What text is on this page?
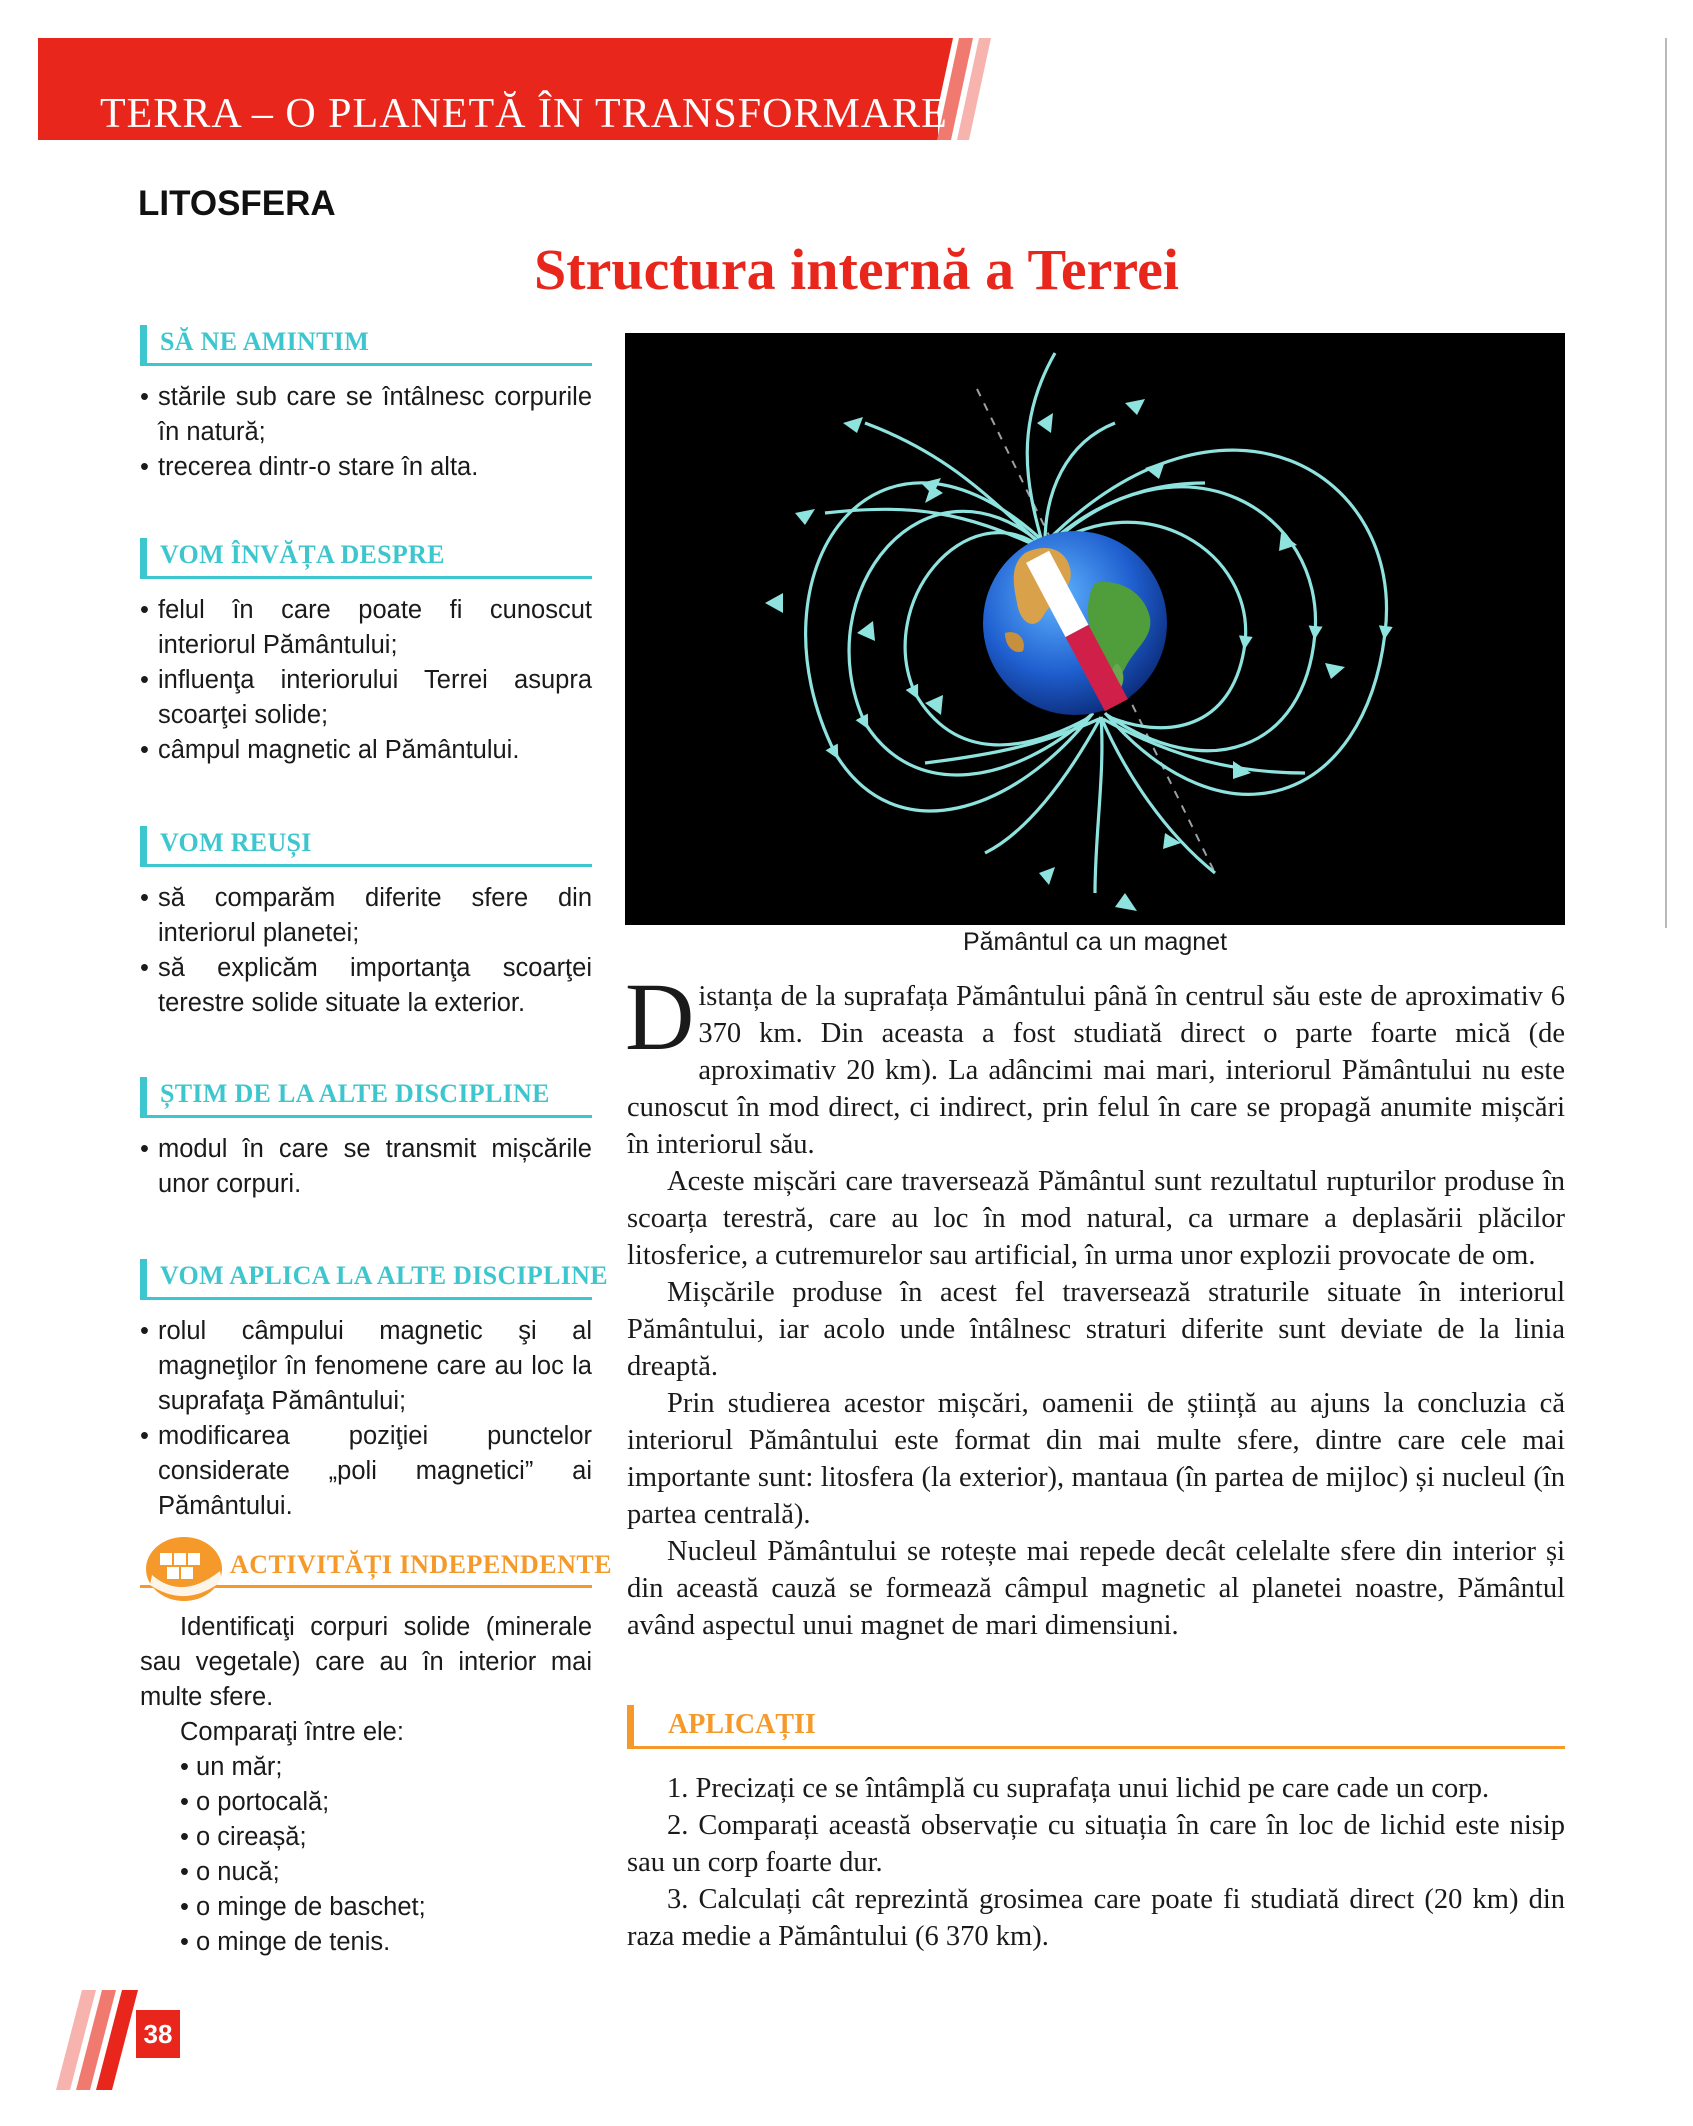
TERRA – O PLANETĂ ÎN TRANSFORMARE
LITOSFERA
Structura internă a Terrei
SĂ NE AMINTIM
• stările sub care se întâlnesc corpurile în natură;
• trecerea dintr-o stare în alta.
VOM ÎNVĂȚA DESPRE
• felul în care poate fi cunoscut interiorul Pământului;
• influenţa interiorului Terrei asupra scoarţei solide;
• câmpul magnetic al Pământului.
VOM REUȘI
• să comparăm diferite sfere din interiorul planetei;
• să explicăm importanţa scoarţei terestre solide situate la exterior.
ȘTIM DE LA ALTE DISCIPLINE
• modul în care se transmit mișcările unor corpuri.
VOM APLICA LA ALTE DISCIPLINE
• rolul câmpului magnetic şi al magneţilor în fenomene care au loc la suprafaţa Pământului;
• modificarea poziţiei punctelor considerate „poli magnetici” ai Pământului.
ACTIVITĂȚI INDEPENDENTE
Identificaţi corpuri solide (minerale sau vegetale) care au în interior mai multe sfere.
Comparaţi între ele:
• un măr;
• o portocală;
• o cireașă;
• o nucă;
• o minge de baschet;
• o minge de tenis.
38
Pământul ca un magnet

Distanța de la suprafața Pământului până în centrul său este de aproximativ 6 370 km. Din aceasta a fost studiată direct o parte foarte mică (de aproximativ 20 km). La adâncimi mai mari, interiorul Pământului nu este cunoscut în mod direct, ci indirect, prin felul în care se propagă anumite mișcări în interiorul său.

Aceste mișcări care traversează Pământul sunt rezultatul rupturilor produse în scoarța terestră, care au loc în mod natural, ca urmare a deplasării plăcilor litosferice, a cutremurelor sau artificial, în urma unor explozii provocate de om.

Mișcările produse în acest fel traversează straturile situate în interiorul Pământului, iar acolo unde întâlnesc straturi diferite sunt deviate de la linia dreaptă.

Prin studierea acestor mișcări, oamenii de știință au ajuns la concluzia că interiorul Pământului este format din mai multe sfere, dintre care cele mai importante sunt: litosfera (la exterior), mantaua (în partea de mijloc) și nucleul (în partea centrală).

Nucleul Pământului se rotește mai repede decât celelalte sfere din interior și din această cauză se formează câmpul magnetic al planetei noastre, Pământul având aspectul unui magnet de mari dimensiuni.

APLICAȚII

1. Precizați ce se întâmplă cu suprafața unui lichid pe care cade un corp.

2. Comparați această observație cu situația în care în loc de lichid este nisip sau un corp foarte dur.

3. Calculați cât reprezintă grosimea care poate fi studiată direct (20 km) din raza medie a Pământului (6 370 km).
